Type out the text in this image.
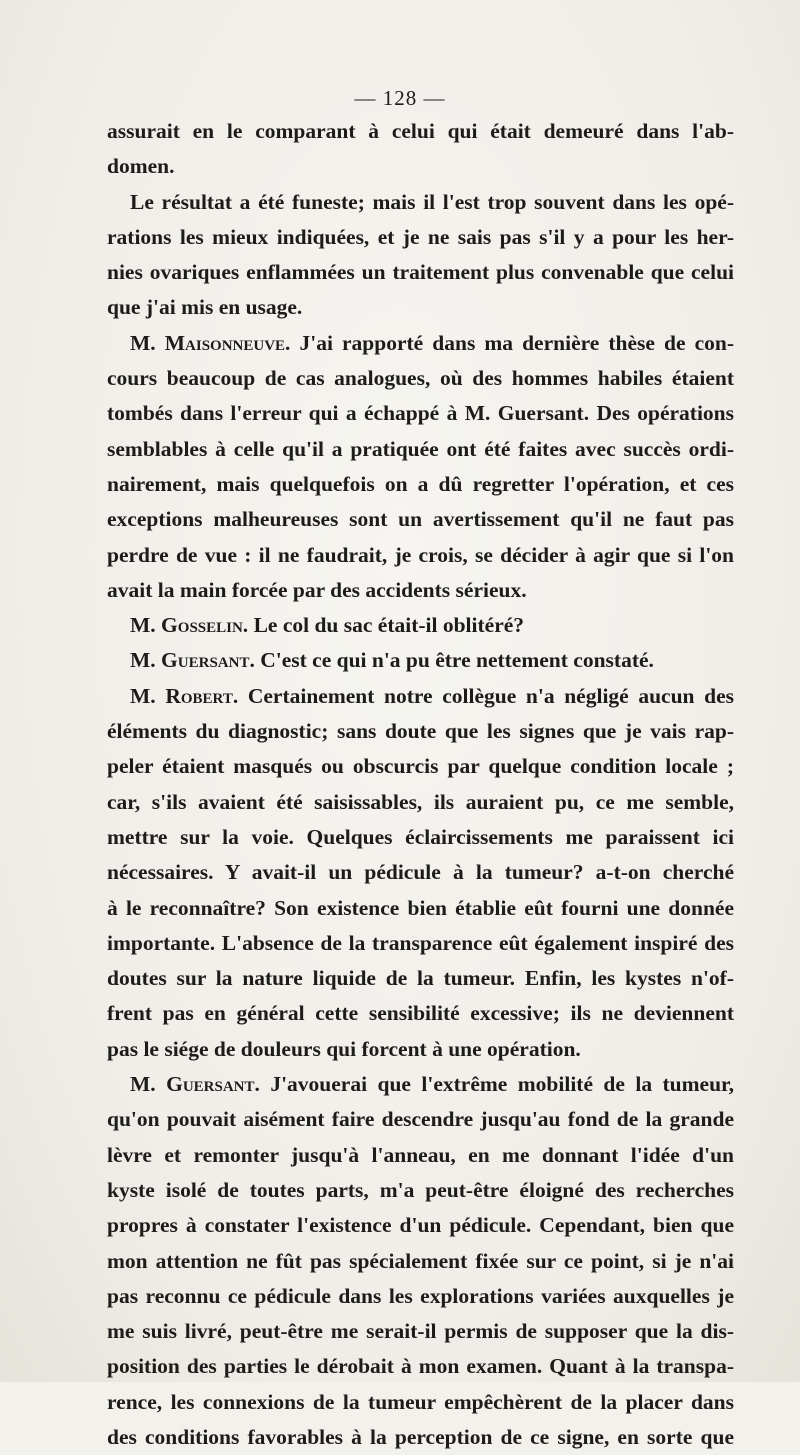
— 128 —
assurait en le comparant à celui qui était demeuré dans l'ab-
domen.
Le résultat a été funeste; mais il l'est trop souvent dans les opé-
rations les mieux indiquées, et je ne sais pas s'il y a pour les her-
nies ovariques enflammées un traitement plus convenable que celui
que j'ai mis en usage.
M. Maisonneuve. J'ai rapporté dans ma dernière thèse de con-
cours beaucoup de cas analogues, où des hommes habiles étaient
tombés dans l'erreur qui a échappé à M. Guersant. Des opérations
semblables à celle qu'il a pratiquée ont été faites avec succès ordi-
nairement, mais quelquefois on a dû regretter l'opération, et ces
exceptions malheureuses sont un avertissement qu'il ne faut pas
perdre de vue : il ne faudrait, je crois, se décider à agir que si l'on
avait la main forcée par des accidents sérieux.
M. Gosselin. Le col du sac était-il oblitéré?
M. Guersant. C'est ce qui n'a pu être nettement constaté.
M. Robert. Certainement notre collègue n'a négligé aucun des
éléments du diagnostic; sans doute que les signes que je vais rap-
peler étaient masqués ou obscurcis par quelque condition locale ;
car, s'ils avaient été saisissables, ils auraient pu, ce me semble,
mettre sur la voie. Quelques éclaircissements me paraissent ici
nécessaires. Y avait-il un pédicule à la tumeur? a-t-on cherché
à le reconnaître? Son existence bien établie eût fourni une donnée
importante. L'absence de la transparence eût également inspiré des
doutes sur la nature liquide de la tumeur. Enfin, les kystes n'of-
frent pas en général cette sensibilité excessive; ils ne deviennent
pas le siége de douleurs qui forcent à une opération.
M. Guersant. J'avouerai que l'extrême mobilité de la tumeur,
qu'on pouvait aisément faire descendre jusqu'au fond de la grande
lèvre et remonter jusqu'à l'anneau, en me donnant l'idée d'un
kyste isolé de toutes parts, m'a peut-être éloigné des recherches
propres à constater l'existence d'un pédicule. Cependant, bien que
mon attention ne fût pas spécialement fixée sur ce point, si je n'ai
pas reconnu ce pédicule dans les explorations variées auxquelles je
me suis livré, peut-être me serait-il permis de supposer que la dis-
position des parties le dérobait à mon examen. Quant à la transpa-
rence, les connexions de la tumeur empêchèrent de la placer dans
des conditions favorables à la perception de ce signe, en sorte que
